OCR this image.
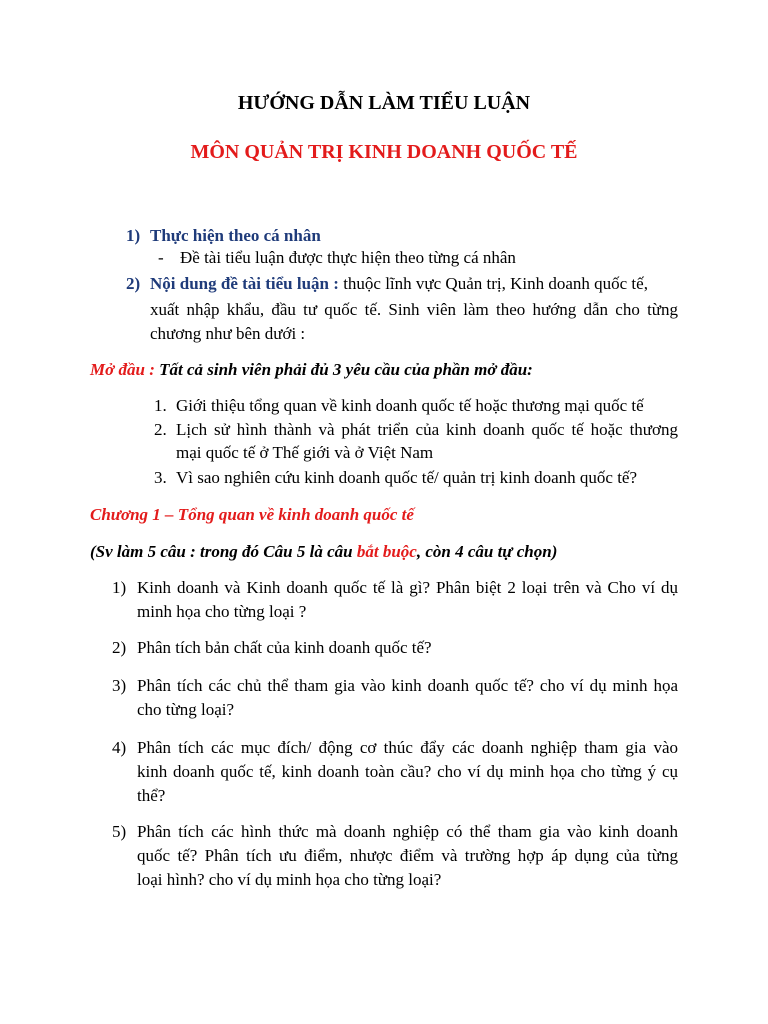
HƯỚNG DẪN LÀM TIỂU LUẬN
MÔN QUẢN TRỊ KINH DOANH QUỐC TẾ
1) Thực hiện theo cá nhân
- Đề tài tiểu luận được thực hiện theo từng cá nhân
2) Nội dung đề tài tiểu luận : thuộc lĩnh vực Quản trị, Kinh doanh quốc tế,
xuất nhập khẩu, đầu tư quốc tế. Sinh viên làm theo hướng dẫn cho từng
chương như bên dưới :
Mở đầu : Tất cả sinh viên phải đủ 3 yêu cầu của phần mở đầu:
1. Giới thiệu tổng quan về kinh doanh quốc tế hoặc thương mại quốc tế
2. Lịch sử hình thành và phát triển của kinh doanh quốc tế hoặc thương
mại quốc tế ở Thế giới và ở Việt Nam
3. Vì sao nghiên cứu kinh doanh quốc tế/ quản trị kinh doanh quốc tế?
Chương 1 – Tổng quan về kinh doanh quốc tế
(Sv làm 5 câu : trong đó Câu 5 là câu bắt buộc, còn 4 câu tự chọn)
1) Kinh doanh và Kinh doanh quốc tế là gì? Phân biệt 2 loại trên và Cho ví dụ
minh họa cho từng loại ?
2) Phân tích bản chất của kinh doanh quốc tế?
3) Phân tích các chủ thể tham gia vào kinh doanh quốc tế? cho ví dụ minh họa
cho từng loại?
4) Phân tích các mục đích/ động cơ thúc đẩy các doanh nghiệp tham gia vào
kinh doanh quốc tế, kinh doanh toàn cầu? cho ví dụ minh họa cho từng ý cụ
thể?
5) Phân tích các hình thức mà doanh nghiệp có thể tham gia vào kinh doanh
quốc tế? Phân tích ưu điểm, nhược điểm và trường hợp áp dụng của từng
loại hình? cho ví dụ minh họa cho từng loại?
